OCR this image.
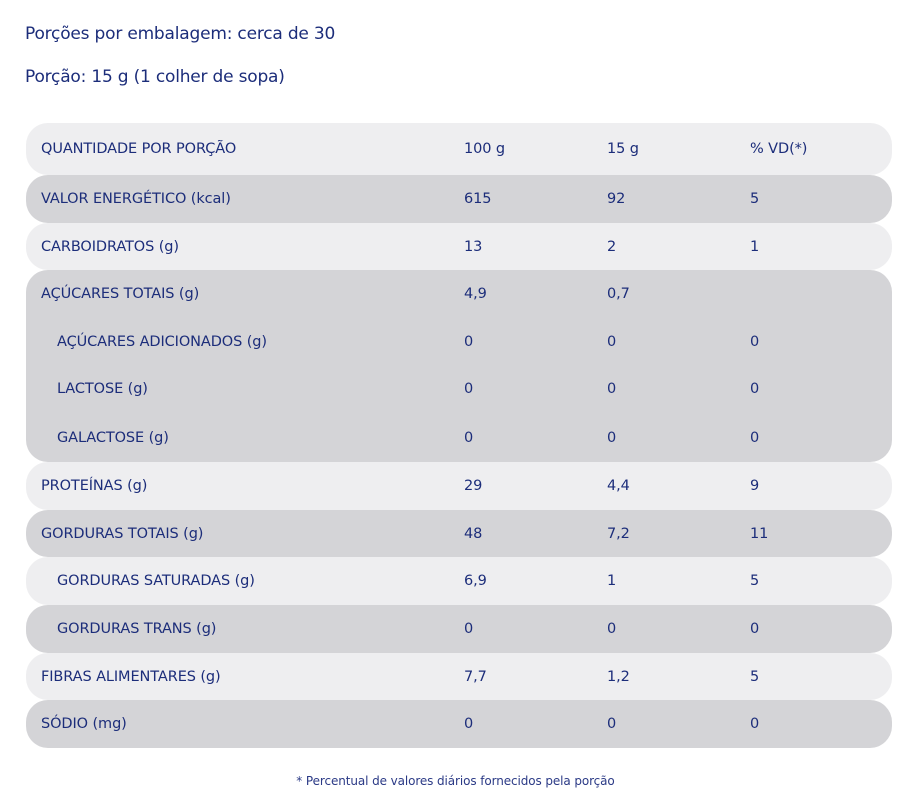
Porções por embalagem: cerca de 30
Porção: 15 g (1 colher de sopa)
QUANTIDADE POR PORÇÃO	100 g	15 g	% VD(*)
VALOR ENERGÉTICO (kcal)	615	92	5
CARBOIDRATOS (g)	13	2	1
AÇÚCARES TOTAIS (g)	4,9	0,7
AÇÚCARES ADICIONADOS (g)	0	0	0
LACTOSE (g)	0	0	0
GALACTOSE (g)	0	0	0
PROTEÍNAS (g)	29	4,4	9
GORDURAS TOTAIS (g)	48	7,2	11
GORDURAS SATURADAS (g)	6,9	1	5
GORDURAS TRANS (g)	0	0	0
FIBRAS ALIMENTARES (g)	7,7	1,2	5
SÓDIO (mg)	0	0	0
* Percentual de valores diários fornecidos pela porção
